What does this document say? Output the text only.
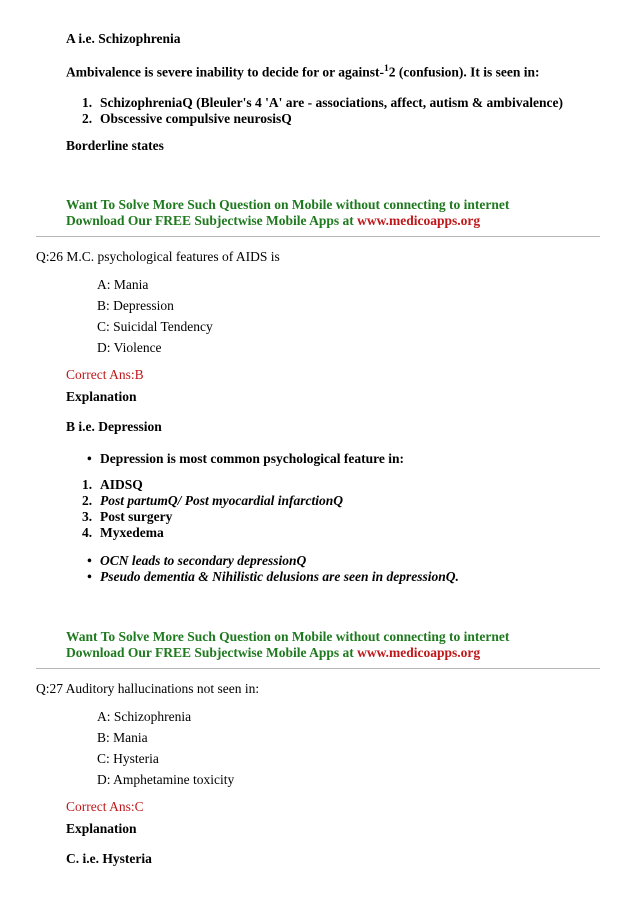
A i.e. Schizophrenia
Ambivalence is severe inability to decide for or against-$^1$2 (confusion). It is seen in:
1. SchizophreniaQ (Bleuler's 4 'A' are - associations, affect, autism & ambivalence)
2. Obscessive compulsive neurosisQ
Borderline states
Want To Solve More Such Question on Mobile without connecting to internet
Download Our FREE Subjectwise Mobile Apps at www.medicoapps.org
Q:26 M.C. psychological features of AIDS is
A: Mania
B: Depression
C: Suicidal Tendency
D: Violence
Correct Ans:B
Explanation
B i.e. Depression
• Depression is most common psychological feature in:
1. AIDSQ
2. Post partumQ/ Post myocardial infarctionQ
3. Post surgery
4. Myxedema
• OCN leads to secondary depressionQ
• Pseudo dementia & Nihilistic delusions are seen in depressionQ.
Want To Solve More Such Question on Mobile without connecting to internet
Download Our FREE Subjectwise Mobile Apps at www.medicoapps.org
Q:27 Auditory hallucinations not seen in:
A: Schizophrenia
B: Mania
C: Hysteria
D: Amphetamine toxicity
Correct Ans:C
Explanation
C. i.e. Hysteria
